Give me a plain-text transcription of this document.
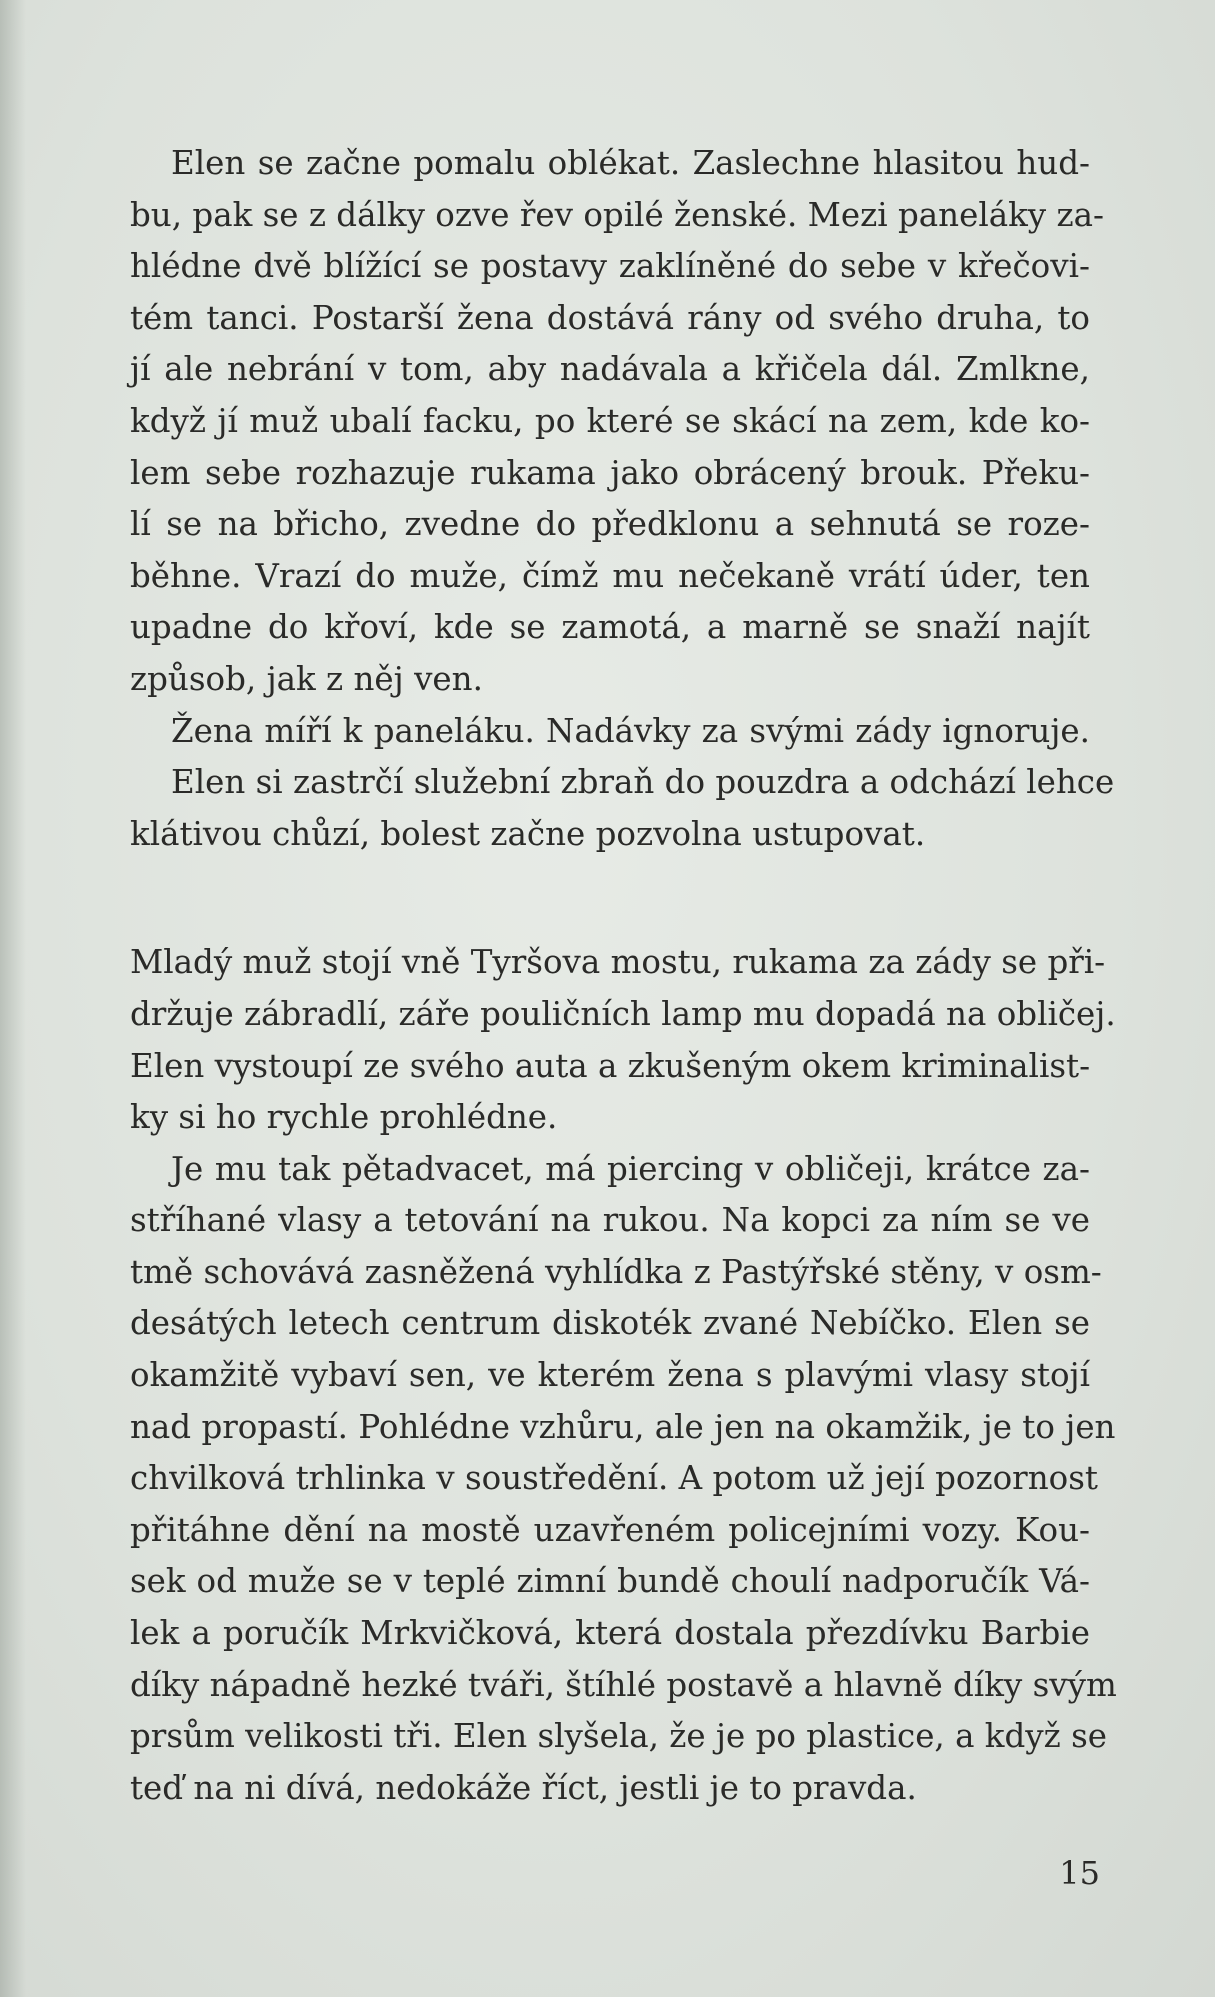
Elen se začne pomalu oblékat. Zaslechne hlasitou hud-
bu, pak se z dálky ozve řev opilé ženské. Mezi paneláky za-
hlédne dvě blížící se postavy zaklíněné do sebe v křečovi-
tém tanci. Postarší žena dostává rány od svého druha, to
jí ale nebrání v tom, aby nadávala a křičela dál. Zmlkne,
když jí muž ubalí facku, po které se skácí na zem, kde ko-
lem sebe rozhazuje rukama jako obrácený brouk. Překu-
lí se na břicho, zvedne do předklonu a sehnutá se roze-
běhne. Vrazí do muže, čímž mu nečekaně vrátí úder, ten
upadne do křoví, kde se zamotá, a marně se snaží najít
způsob, jak z něj ven.
Žena míří k paneláku. Nadávky za svými zády ignoruje.
Elen si zastrčí služební zbraň do pouzdra a odchází lehce
klátivou chůzí, bolest začne pozvolna ustupovat.
Mladý muž stojí vně Tyršova mostu, rukama za zády se při-
držuje zábradlí, záře pouličních lamp mu dopadá na obličej.
Elen vystoupí ze svého auta a zkušeným okem kriminalist-
ky si ho rychle prohlédne.
Je mu tak pětadvacet, má piercing v obličeji, krátce za-
stříhané vlasy a tetování na rukou. Na kopci za ním se ve
tmě schovává zasněžená vyhlídka z Pastýřské stěny, v osm-
desátých letech centrum diskoték zvané Nebíčko. Elen se
okamžitě vybaví sen, ve kterém žena s plavými vlasy stojí
nad propastí. Pohlédne vzhůru, ale jen na okamžik, je to jen
chvilková trhlinka v soustředění. A potom už její pozornost
přitáhne dění na mostě uzavřeném policejními vozy. Kou-
sek od muže se v teplé zimní bundě choulí nadporučík Vá-
lek a poručík Mrkvičková, která dostala přezdívku Barbie
díky nápadně hezké tváři, štíhlé postavě a hlavně díky svým
prsům velikosti tři. Elen slyšela, že je po plastice, a když se
teď na ni dívá, nedokáže říct, jestli je to pravda.
15
